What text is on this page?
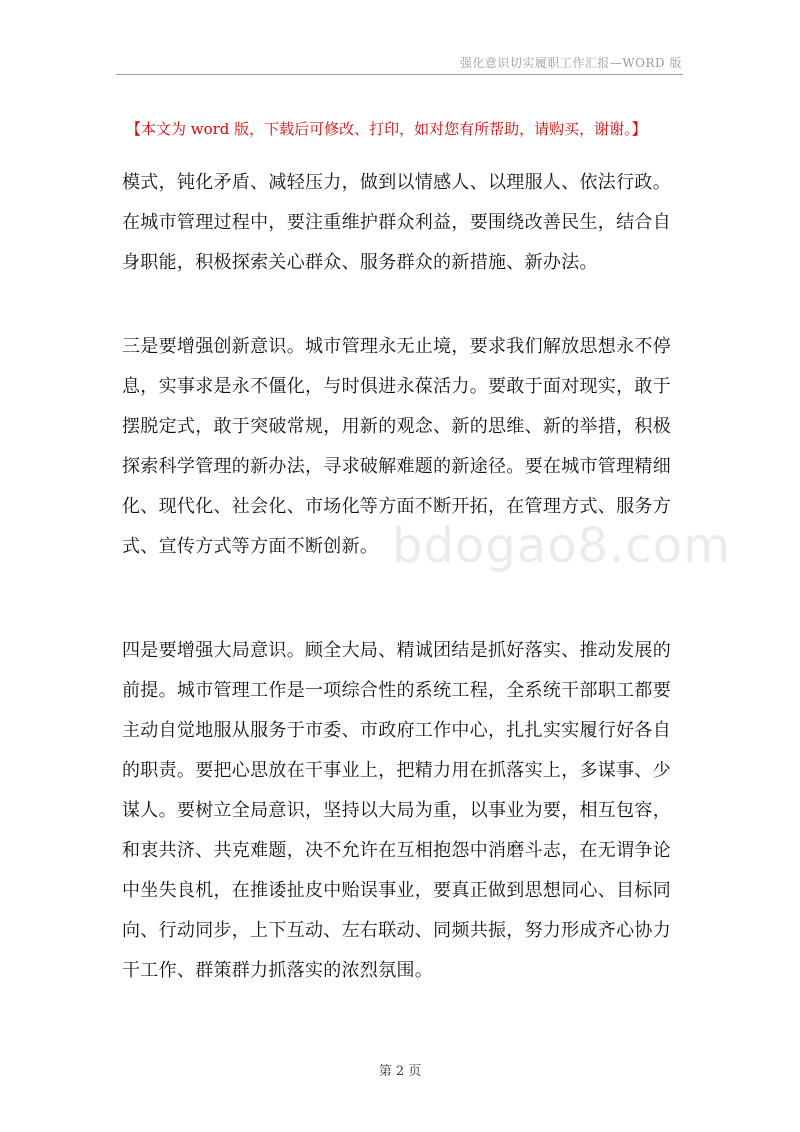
强化意识切实履职工作汇报—WORD 版
【本文为 word 版，下载后可修改、打印，如对您有所帮助，请购买，谢谢。】
模式，钝化矛盾、减轻压力，做到以情感人、以理服人、依法行政。
在城市管理过程中，要注重维护群众利益，要围绕改善民生，结合自
身职能，积极探索关心群众、服务群众的新措施、新办法。
三是要增强创新意识。城市管理永无止境，要求我们解放思想永不停
息，实事求是永不僵化，与时俱进永葆活力。要敢于面对现实，敢于
摆脱定式，敢于突破常规，用新的观念、新的思维、新的举措，积极
探索科学管理的新办法，寻求破解难题的新途径。要在城市管理精细
化、现代化、社会化、市场化等方面不断开拓，在管理方式、服务方
式、宣传方式等方面不断创新。 bdogao8.com
四是要增强大局意识。顾全大局、精诚团结是抓好落实、推动发展的
前提。城市管理工作是一项综合性的系统工程，全系统干部职工都要
主动自觉地服从服务于市委、市政府工作中心，扎扎实实履行好各自
的职责。要把心思放在干事业上，把精力用在抓落实上，多谋事、少
谋人。要树立全局意识，坚持以大局为重，以事业为要，相互包容，
和衷共济、共克难题，决不允许在互相抱怨中消磨斗志，在无谓争论
中坐失良机，在推诿扯皮中贻误事业，要真正做到思想同心、目标同
向、行动同步，上下互动、左右联动、同频共振，努力形成齐心协力
干工作、群策群力抓落实的浓烈氛围。
第 2 页
